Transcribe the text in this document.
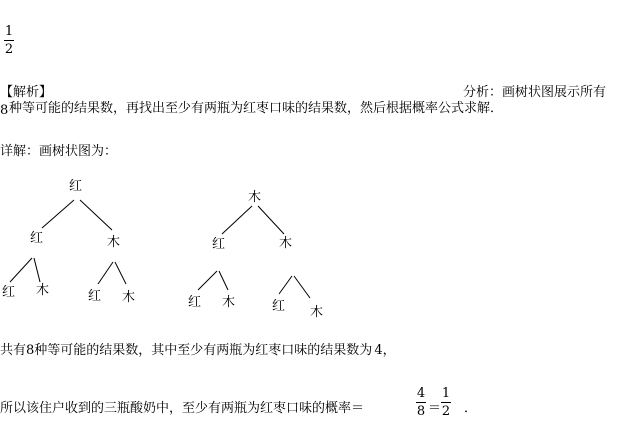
1
2
【解析】	分析：画树状图展示所有
8 种等可能的结果数，再找出至少有两瓶为红枣口味的结果数，然后根据概率公式求解．
详解：画树状图为：
红
红	木
红 木	红 木
木
红	木
红 木	红 木
共有8种等可能的结果数，其中至少有两瓶为红枣口味的结果数为 4，
所以该住户收到的三瓶酸奶中，至少有两瓶为红枣口味的概率＝
4
8 ＝
1
2 ．
